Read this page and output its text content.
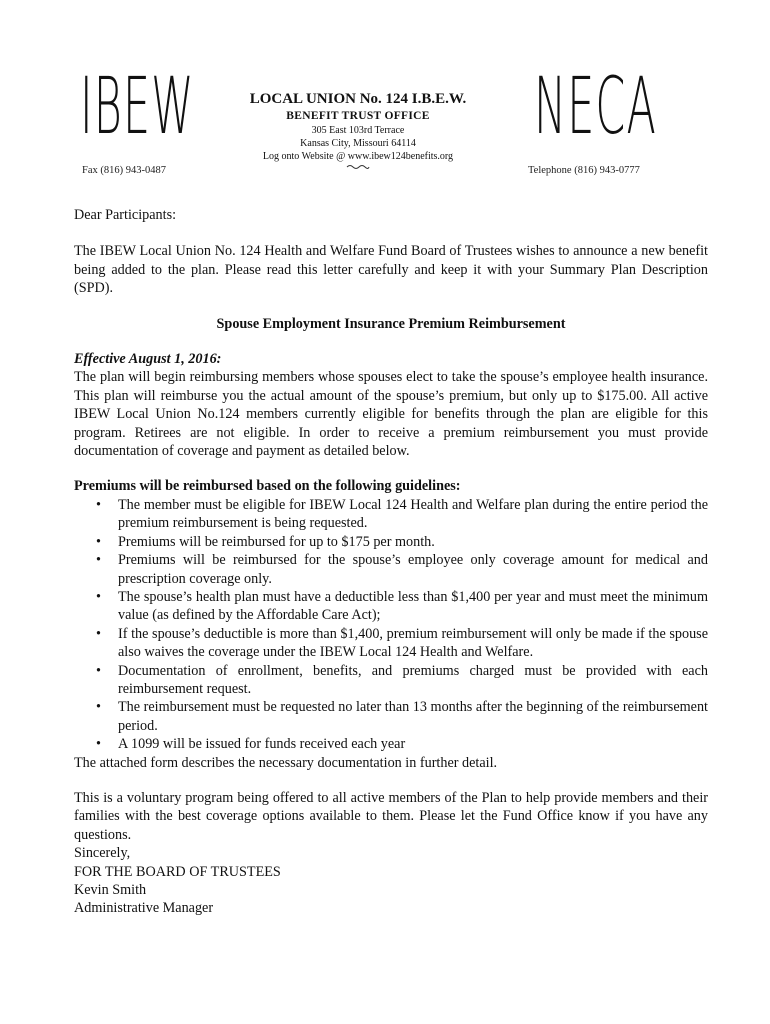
IBEW
Fax (816) 943-0487
LOCAL UNION No. 124 I.B.E.W.
BENEFIT TRUST OFFICE
305 East 103rd Terrace
Kansas City, Missouri 64114
Log onto Website @ www.ibew124benefits.org
NECA
Telephone (816) 943-0777

Dear Participants:

The IBEW Local Union No. 124 Health and Welfare Fund Board of Trustees wishes to announce a new benefit being added to the plan. Please read this letter carefully and keep it with your Summary Plan Description (SPD).

Spouse Employment Insurance Premium Reimbursement

Effective August 1, 2016:

The plan will begin reimbursing members whose spouses elect to take the spouse’s employee health insurance. This plan will reimburse you the actual amount of the spouse’s premium, but only up to $175.00. All active IBEW Local Union No.124 members currently eligible for benefits through the plan are eligible for this program. Retirees are not eligible. In order to receive a premium reimbursement you must provide documentation of coverage and payment as detailed below.

Premiums will be reimbursed based on the following guidelines:

• The member must be eligible for IBEW Local 124 Health and Welfare plan during the entire period the premium reimbursement is being requested.
• Premiums will be reimbursed for up to $175 per month.
• Premiums will be reimbursed for the spouse’s employee only coverage amount for medical and prescription coverage only.
• The spouse’s health plan must have a deductible less than $1,400 per year and must meet the minimum value (as defined by the Affordable Care Act);
• If the spouse’s deductible is more than $1,400, premium reimbursement will only be made if the spouse also waives the coverage under the IBEW Local 124 Health and Welfare.
• Documentation of enrollment, benefits, and premiums charged must be provided with each reimbursement request.
• The reimbursement must be requested no later than 13 months after the beginning of the reimbursement period.
• A 1099 will be issued for funds received each year

The attached form describes the necessary documentation in further detail.

This is a voluntary program being offered to all active members of the Plan to help provide members and their families with the best coverage options available to them. Please let the Fund Office know if you have any questions.

Sincerely,

FOR THE BOARD OF TRUSTEES

Kevin Smith

Administrative Manager
